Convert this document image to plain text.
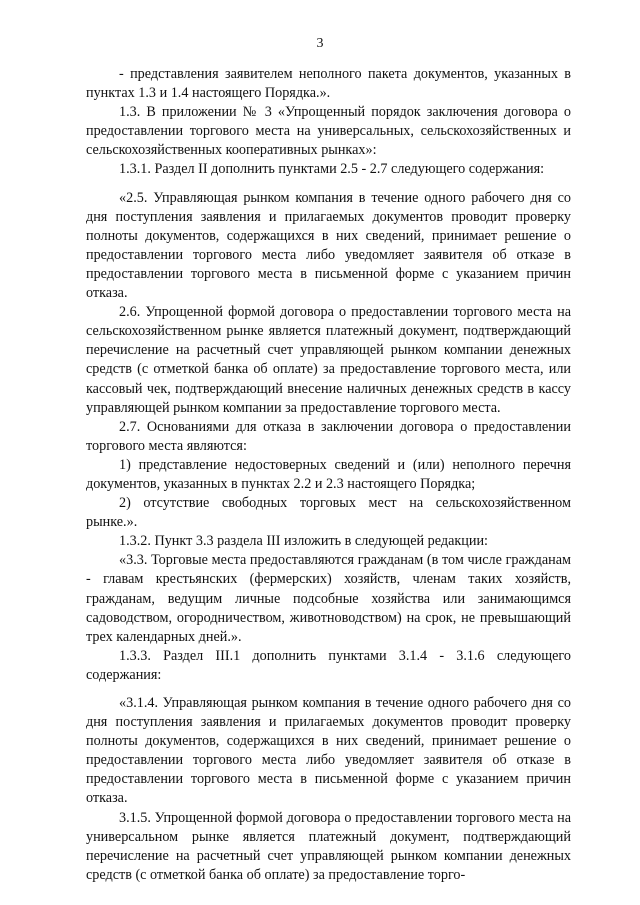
3

- представления заявителем неполного пакета документов, указанных в пунктах 1.3 и 1.4 настоящего Порядка.».

1.3. В приложении № 3 «Упрощенный порядок заключения договора о предоставлении торгового места на универсальных, сельскохозяйственных и сельскохозяйственных кооперативных рынках»:

1.3.1. Раздел II дополнить пунктами 2.5 - 2.7 следующего содержания:

«2.5. Управляющая рынком компания в течение одного рабочего дня со дня поступления заявления и прилагаемых документов проводит проверку полноты документов, содержащихся в них сведений, принимает решение о предоставлении торгового места либо уведомляет заявителя об отказе в предоставлении торгового места в письменной форме с указанием причин отказа.

2.6. Упрощенной формой договора о предоставлении торгового места на сельскохозяйственном рынке является платежный документ, подтверждающий перечисление на расчетный счет управляющей рынком компании денежных средств (с отметкой банка об оплате) за предоставление торгового места, или кассовый чек, подтверждающий внесение наличных денежных средств в кассу управляющей рынком компании за предоставление торгового места.

2.7. Основаниями для отказа в заключении договора о предоставлении торгового места являются:

1) представление недостоверных сведений и (или) неполного перечня документов, указанных в пунктах 2.2 и 2.3 настоящего Порядка;

2) отсутствие свободных торговых мест на сельскохозяйственном рынке.».

1.3.2. Пункт 3.3 раздела III изложить в следующей редакции:

«3.3. Торговые места предоставляются гражданам (в том числе гражданам - главам крестьянских (фермерских) хозяйств, членам таких хозяйств, гражданам, ведущим личные подсобные хозяйства или занимающимся садоводством, огородничеством, животноводством) на срок, не превышающий трех календарных дней.».

1.3.3. Раздел III.1 дополнить пунктами 3.1.4 - 3.1.6 следующего содержания:

«3.1.4. Управляющая рынком компания в течение одного рабочего дня со дня поступления заявления и прилагаемых документов проводит проверку полноты документов, содержащихся в них сведений, принимает решение о предоставлении торгового места либо уведомляет заявителя об отказе в предоставлении торгового места в письменной форме с указанием причин отказа.

3.1.5. Упрощенной формой договора о предоставлении торгового места на универсальном рынке является платежный документ, подтверждающий перечисление на расчетный счет управляющей рынком компании денежных средств (с отметкой банка об оплате) за предоставление торго-
